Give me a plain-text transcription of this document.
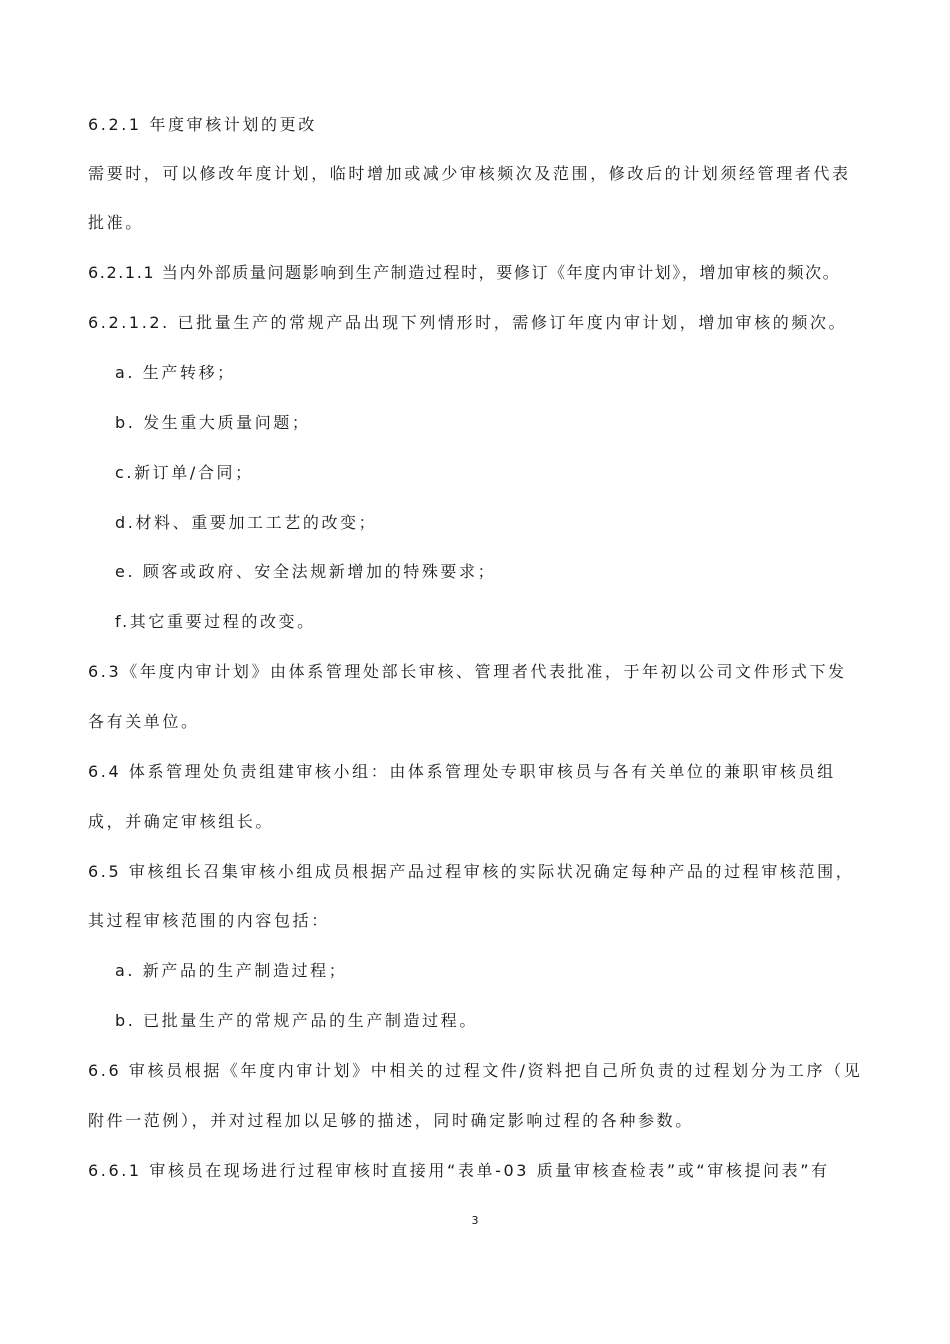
6.2.1 年度审核计划的更改
需要时，可以修改年度计划，临时增加或减少审核频次及范围，修改后的计划须经管理者代表
批准。
6.2.1.1 当内外部质量问题影响到生产制造过程时，要修订《年度内审计划》，增加审核的频次。
6.2.1.2. 已批量生产的常规产品出现下列情形时，需修订年度内审计划，增加审核的频次。
a. 生产转移；
b. 发生重大质量问题；
c.新订单/合同；
d.材料、重要加工工艺的改变；
e. 顾客或政府、安全法规新增加的特殊要求；
f.其它重要过程的改变。
6.3《年度内审计划》由体系管理处部长审核、管理者代表批准，于年初以公司文件形式下发
各有关单位。
6.4 体系管理处负责组建审核小组：由体系管理处专职审核员与各有关单位的兼职审核员组
成，并确定审核组长。
6.5 审核组长召集审核小组成员根据产品过程审核的实际状况确定每种产品的过程审核范围，
其过程审核范围的内容包括：
a. 新产品的生产制造过程；
b. 已批量生产的常规产品的生产制造过程。
6.6 审核员根据《年度内审计划》中相关的过程文件/资料把自己所负责的过程划分为工序（见
附件一范例），并对过程加以足够的描述，同时确定影响过程的各种参数。
6.6.1 审核员在现场进行过程审核时直接用“表单-03 质量审核查检表”或“审核提问表”有
3
